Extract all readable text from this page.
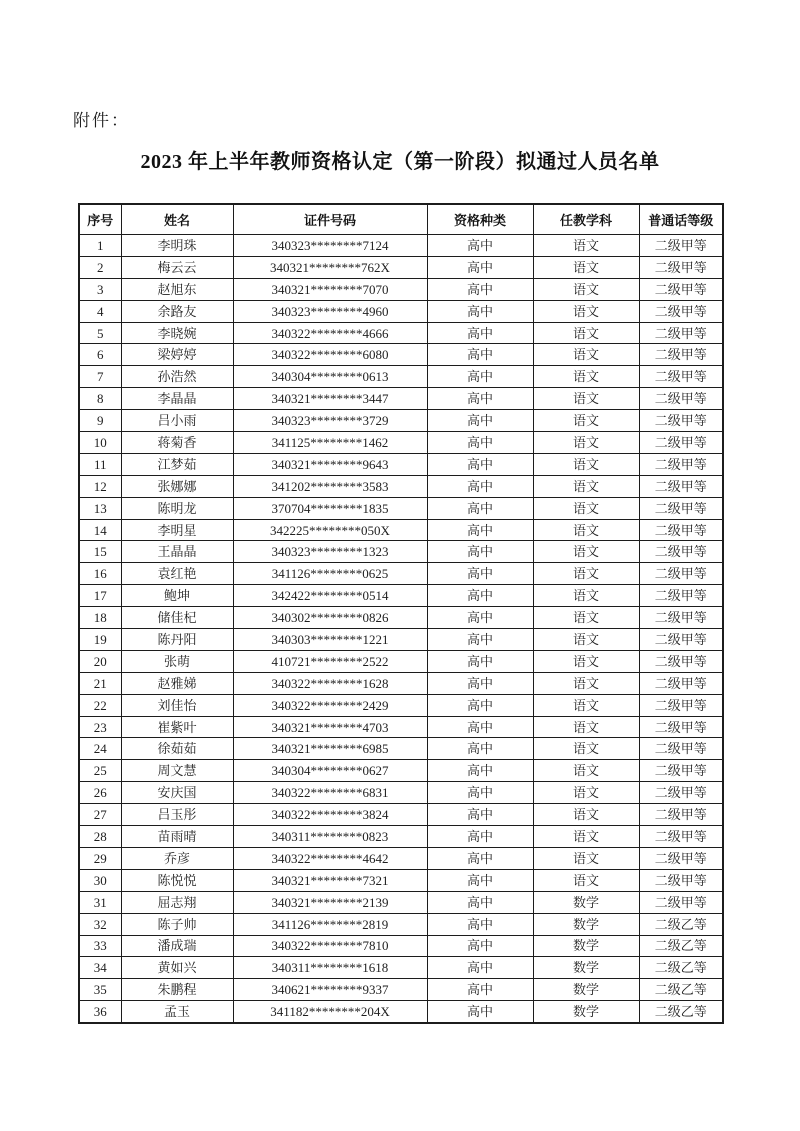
附件：
2023 年上半年教师资格认定（第一阶段）拟通过人员名单
序号	姓名	证件号码	资格种类	任教学科	普通话等级
1	李明珠	340323********7124	高中	语文	二级甲等
2	梅云云	340321********762X	高中	语文	二级甲等
3	赵旭东	340321********7070	高中	语文	二级甲等
4	余路友	340323********4960	高中	语文	二级甲等
5	李晓婉	340322********4666	高中	语文	二级甲等
6	梁婷婷	340322********6080	高中	语文	二级甲等
7	孙浩然	340304********0613	高中	语文	二级甲等
8	李晶晶	340321********3447	高中	语文	二级甲等
9	吕小雨	340323********3729	高中	语文	二级甲等
10	蒋菊香	341125********1462	高中	语文	二级甲等
11	江梦茹	340321********9643	高中	语文	二级甲等
12	张娜娜	341202********3583	高中	语文	二级甲等
13	陈明龙	370704********1835	高中	语文	二级甲等
14	李明星	342225********050X	高中	语文	二级甲等
15	王晶晶	340323********1323	高中	语文	二级甲等
16	袁红艳	341126********0625	高中	语文	二级甲等
17	鲍坤	342422********0514	高中	语文	二级甲等
18	储佳杞	340302********0826	高中	语文	二级甲等
19	陈丹阳	340303********1221	高中	语文	二级甲等
20	张萌	410721********2522	高中	语文	二级甲等
21	赵雅娣	340322********1628	高中	语文	二级甲等
22	刘佳怡	340322********2429	高中	语文	二级甲等
23	崔紫叶	340321********4703	高中	语文	二级甲等
24	徐茹茹	340321********6985	高中	语文	二级甲等
25	周文慧	340304********0627	高中	语文	二级甲等
26	安庆国	340322********6831	高中	语文	二级甲等
27	吕玉彤	340322********3824	高中	语文	二级甲等
28	苗雨晴	340311********0823	高中	语文	二级甲等
29	乔彦	340322********4642	高中	语文	二级甲等
30	陈悦悦	340321********7321	高中	语文	二级甲等
31	屈志翔	340321********2139	高中	数学	二级甲等
32	陈子帅	341126********2819	高中	数学	二级乙等
33	潘成瑞	340322********7810	高中	数学	二级乙等
34	黄如兴	340311********1618	高中	数学	二级乙等
35	朱鹏程	340621********9337	高中	数学	二级乙等
36	孟玉	341182********204X	高中	数学	二级乙等
